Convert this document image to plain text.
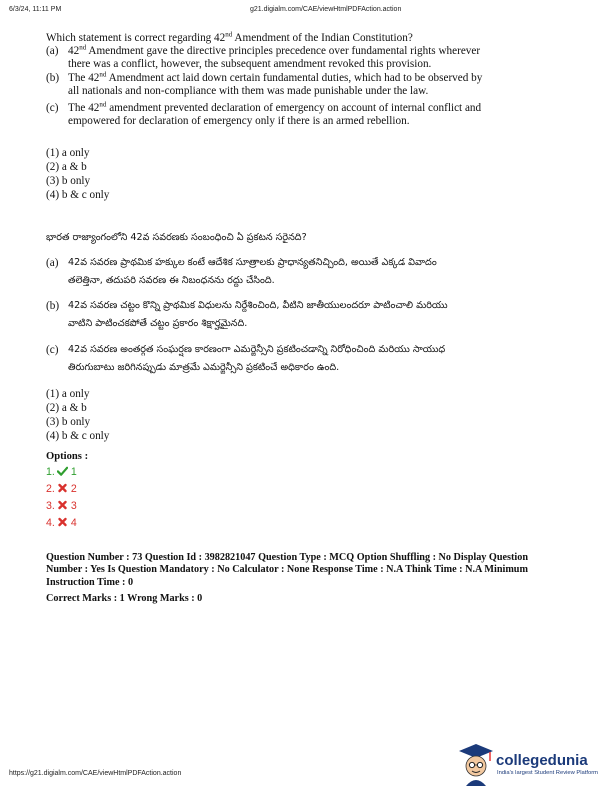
6/3/24, 11:11 PM	g21.digialm.com/CAE/viewHtmlPDFAction.action
Which statement is correct regarding 42nd Amendment of the Indian Constitution?
(a) 42nd Amendment gave the directive principles precedence over fundamental rights wherever
there was a conflict, however, the subsequent amendment revoked this provision.
(b) The 42nd Amendment act laid down certain fundamental duties, which had to be observed by
all nationals and non-compliance with them was made punishable under the law.
(c) The 42nd amendment prevented declaration of emergency on account of internal conflict and
empowered for declaration of emergency only if there is an armed rebellion.
(1) a only
(2) a & b
(3) b only
(4) b & c only
భారత రాజ్యాంగంలోని 42వ సవరణకు సంబంధించి ఏ ప్రకటన సరైనది?
(a) 42వ సవరణ ప్రాథమిక హక్కుల కంటే ఆదేశిక సూత్రాలకు ప్రాధాన్యతనిచ్చింది, అయితే ఎక్కడ వివాదం
తలెత్తినా, తదుపరి సవరణ ఈ నిబంధనను రద్దు చేసింది.
(b) 42వ సవరణ చట్టం కొన్ని ప్రాథమిక విధులను నిర్దేశించింది, వీటిని జాతీయులందరూ పాటించాలి మరియు
వాటిని పాటించకపోతే చట్టం ప్రకారం శిక్షార్హమైనది.
(c) 42వ సవరణ అంతర్గత సంఘర్షణ కారణంగా ఎమర్జెన్సీని ప్రకటించడాన్ని నిరోధించింది మరియు సాయుధ
తిరుగుబాటు జరిగినప్పుడు మాత్రమే ఎమర్జెన్సీని ప్రకటించే అధికారం ఉంది.
(1) a only
(2) a & b
(3) b only
(4) b & c only
Options :
1. 1
2. 2
3. 3
4. 4
Question Number : 73 Question Id : 3982821047 Question Type : MCQ Option Shuffling : No Display Question
Number : Yes Is Question Mandatory : No Calculator : None Response Time : N.A Think Time : N.A Minimum
Instruction Time : 0
Correct Marks : 1 Wrong Marks : 0
https://g21.digialm.com/CAE/viewHtmlPDFAction.action
collegedunia
India's largest Student Review Platform
